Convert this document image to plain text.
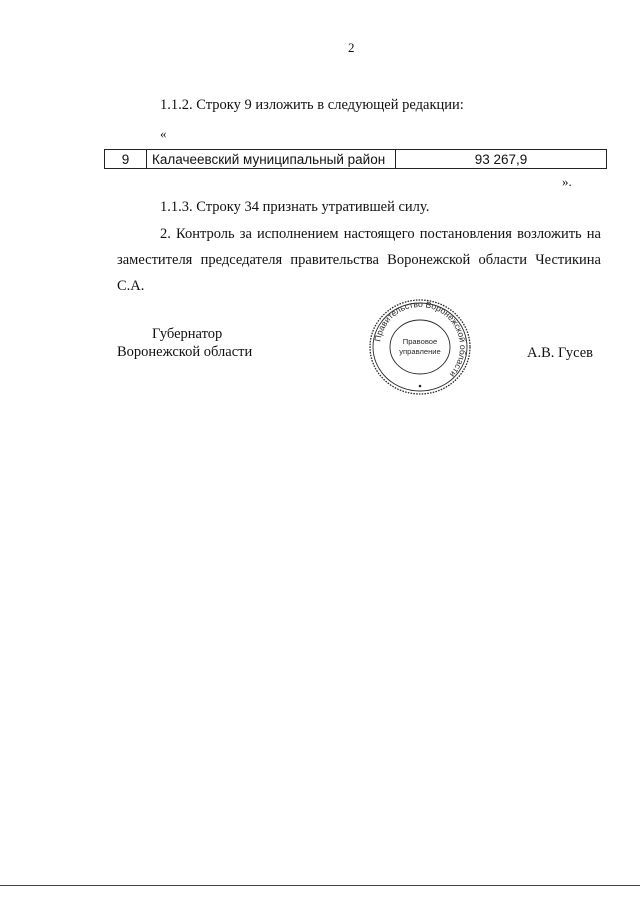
2
1.1.2. Строку 9 изложить в следующей редакции:
«
9	Калачеевский муниципальный район	93 267,9
».
1.1.3. Строку 34 признать утратившей силу.
2. Контроль за исполнением настоящего постановления возложить на заместителя председателя правительства Воронежской области Честикина С.А.
Губернатор
Воронежской области	А.В. Гусев
Правительство Воронежской области
Правовое
управление
